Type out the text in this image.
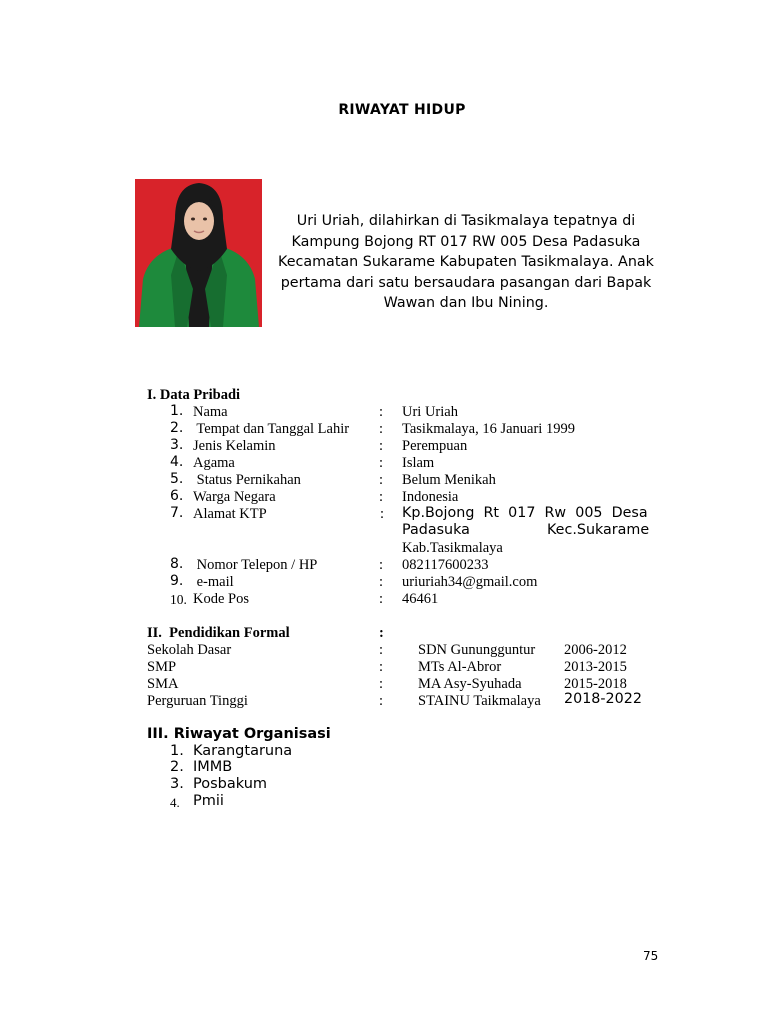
RIWAYAT HIDUP
Uri Uriah, dilahirkan di Tasikmalaya tepatnya di Kampung Bojong RT 017 RW 005 Desa Padasuka Kecamatan Sukarame Kabupaten Tasikmalaya. Anak pertama dari satu bersaudara pasangan dari Bapak Wawan dan Ibu Nining.
I. Data Pribadi
1. Nama	: Uri Uriah
2. Tempat dan Tanggal Lahir : Tasikmalaya, 16 Januari 1999
3. Jenis Kelamin	: Perempuan
4. Agama	: Islam
5. Status Pernikahan	: Belum Menikah
6. Warga Negara	: Indonesia
7. Alamat KTP	: Kp.Bojong  Rt  017  Rw  005  Desa
Padasuka	Kec.Sukarame
Kab.Tasikmalaya
8. Nomor Telepon / HP	: 082117600233
9. e-mail	: uriuriah34@gmail.com
10. Kode Pos	: 46461
II.  Pendidikan Formal	:
Sekolah Dasar	: SDN Gunungguntur 2006-2012
SMP	: MTs Al-Abror	2013-2015
SMA	: MA Asy-Syuhada	2015-2018
Perguruan Tinggi	: STAINU Taikmalaya 2018-2022
III. Riwayat Organisasi
1. Karangtaruna
2. IMMB
3. Posbakum
4. Pmii
75
